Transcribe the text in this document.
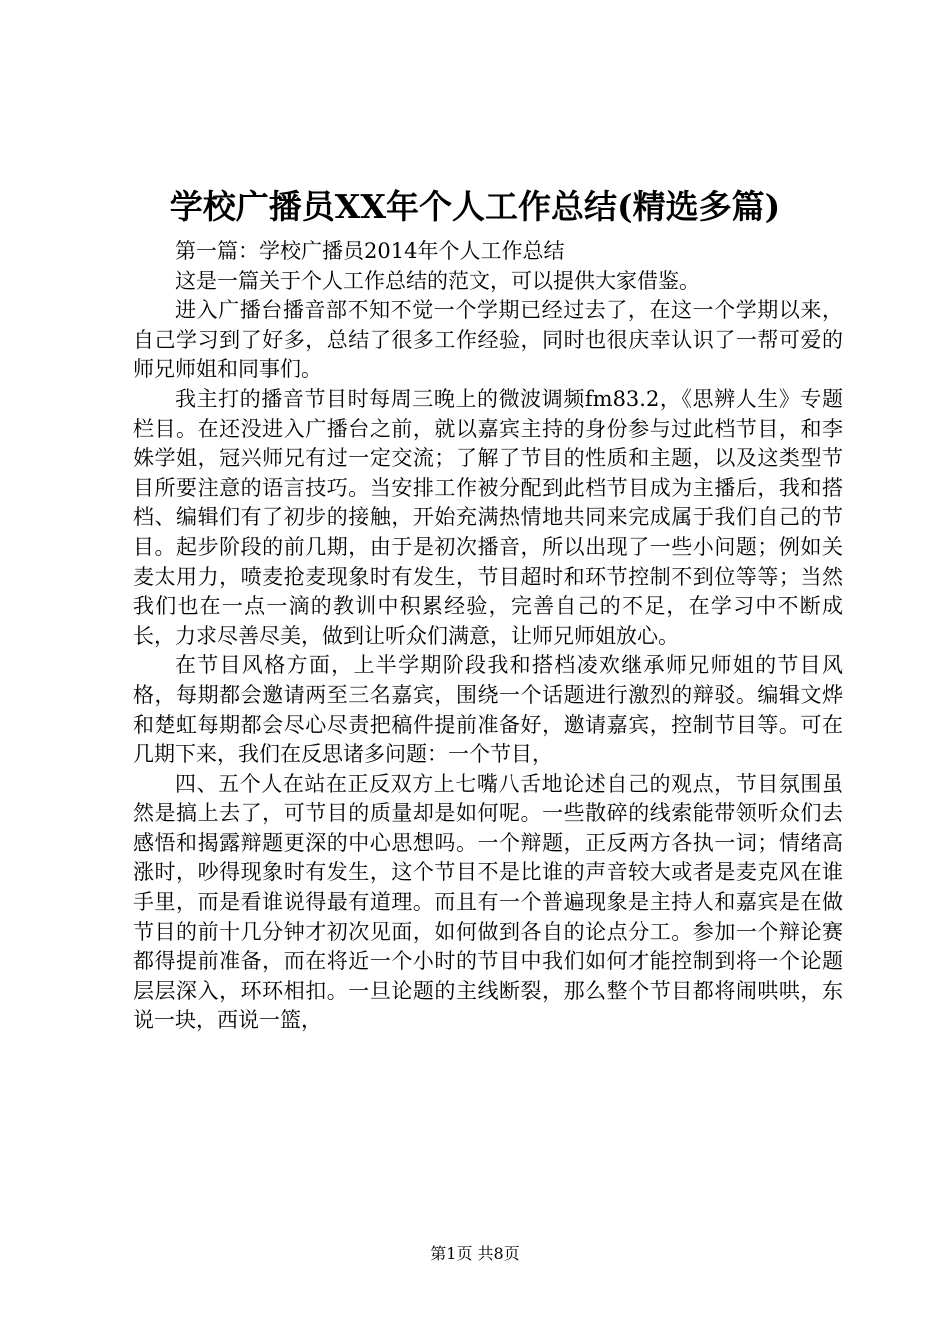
学校广播员XX年个人工作总结(精选多篇)

第一篇：学校广播员2014年个人工作总结

这是一篇关于个人工作总结的范文，可以提供大家借鉴。

进入广播台播音部不知不觉一个学期已经过去了，在这一个学期以来，自己学习到了好多，总结了很多工作经验，同时也很庆幸认识了一帮可爱的师兄师姐和同事们。

我主打的播音节目时每周三晚上的微波调频fm83.2，《思辨人生》专题栏目。在还没进入广播台之前，就以嘉宾主持的身份参与过此档节目，和李姝学姐，冠兴师兄有过一定交流；了解了节目的性质和主题，以及这类型节目所要注意的语言技巧。当安排工作被分配到此档节目成为主播后，我和搭档、编辑们有了初步的接触，开始充满热情地共同来完成属于我们自己的节目。起步阶段的前几期，由于是初次播音，所以出现了一些小问题；例如关麦太用力，喷麦抢麦现象时有发生，节目超时和环节控制不到位等等；当然我们也在一点一滴的教训中积累经验，完善自己的不足，在学习中不断成长，力求尽善尽美，做到让听众们满意，让师兄师姐放心。

在节目风格方面，上半学期阶段我和搭档凌欢继承师兄师姐的节目风格，每期都会邀请两至三名嘉宾，围绕一个话题进行激烈的辩驳。编辑文烨和楚虹每期都会尽心尽责把稿件提前准备好，邀请嘉宾，控制节目等。可在几期下来，我们在反思诸多问题：一个节目，

四、五个人在站在正反双方上七嘴八舌地论述自己的观点，节目氛围虽然是搞上去了，可节目的质量却是如何呢。一些散碎的线索能带领听众们去感悟和揭露辩题更深的中心思想吗。一个辩题，正反两方各执一词；情绪高涨时，吵得现象时有发生，这个节目不是比谁的声音较大或者是麦克风在谁手里，而是看谁说得最有道理。而且有一个普遍现象是主持人和嘉宾是在做节目的前十几分钟才初次见面，如何做到各自的论点分工。参加一个辩论赛都得提前准备，而在将近一个小时的节目中我们如何才能控制到将一个论题层层深入，环环相扣。一旦论题的主线断裂，那么整个节目都将闹哄哄，东说一块，西说一篮，

第1页 共8页
